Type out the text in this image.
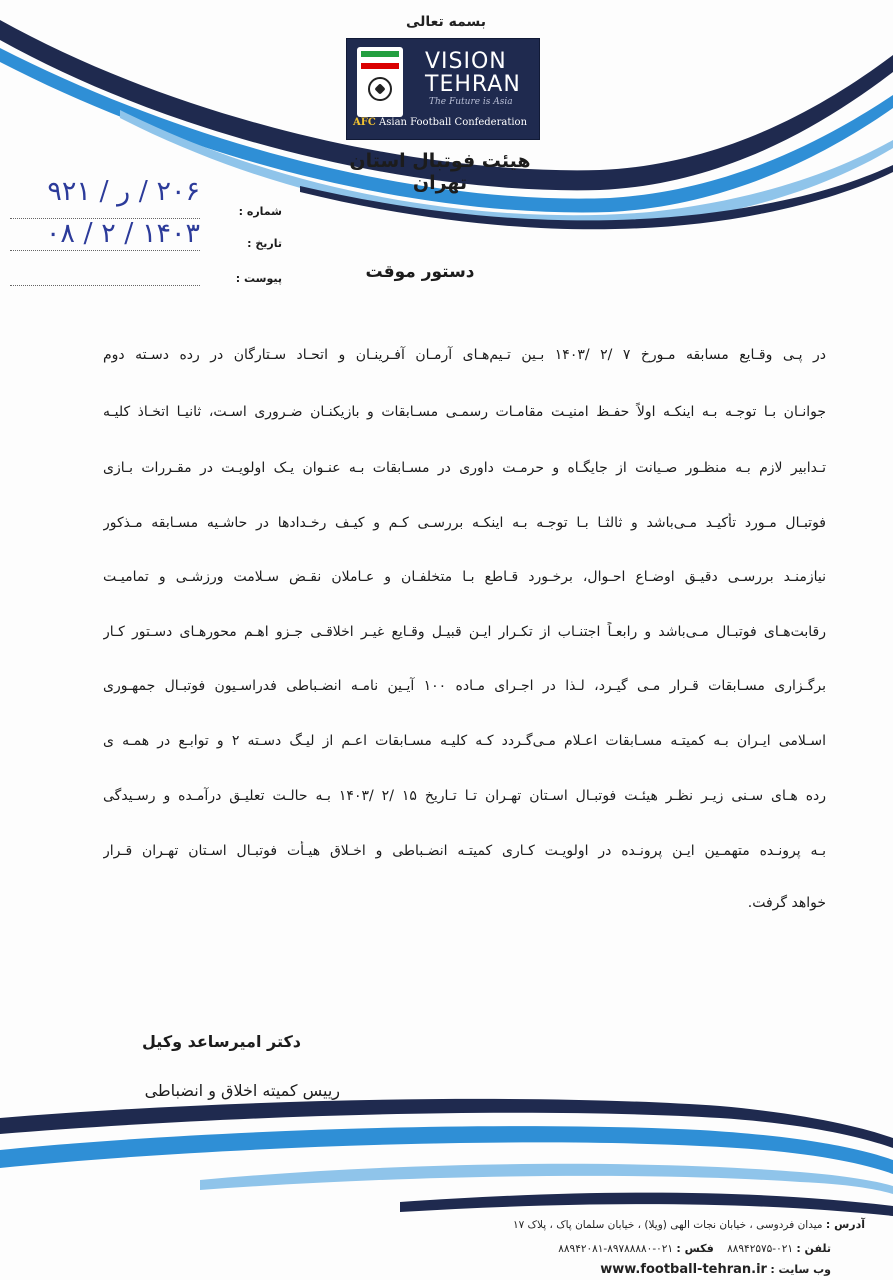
بسمه تعالی
VISION
TEHRAN
The Future is Asia
AFC Asian Football Confederation
هیئت فوتبال استان تهران
شماره :
تاریخ :
پیوست :
۲۰۶ / ر / ۹۲۱
۱۴۰۳ / ۲ / ۰۸
دستور موقت
در پـی وقـایع مسابقه مـورخ ۷ /۲ /۱۴۰۳ بـین تـیم‌هـای آرمـان آفـرینـان و اتحـاد سـتارگان در رده دسـته دوم
جوانـان بـا توجـه بـه اینکـه اولاً حفـظ امنیـت مقامـات رسمـی مسـابقات و بازیکنـان ضـروری اسـت، ثانیـا اتخـاذ کلیـه
تـدابیر لازم بـه منظـور صـیانت از جایگـاه و حرمـت داوری در مسـابقات بـه عنـوان یـک اولویـت در مقـررات بـازی
فوتبـال مـورد تأکیـد مـی‌باشد و ثالثـا بـا توجـه بـه اینکـه بررسـی کـم و کیـف رخـدادها در حاشـیه مسـابقه مـذکور
نیازمنـد بررسـی دقیـق اوضـاع احـوال، برخـورد قـاطع بـا متخلفـان و عـاملان نقـض سـلامت ورزشـی و تمامیـت
رقابت‌هـای فوتبـال مـی‌باشد و رابعـاً اجتنـاب از تکـرار ایـن قبیـل وقـایع غیـر اخلاقـی جـزو اهـم محورهـای دسـتور کـار
برگـزاری مسـابقات قـرار مـی گیـرد، لـذا در اجـرای مـاده ۱۰۰ آیـین نامـه انضـباطی فدراسـیون فوتبـال جمهـوری
اسـلامی ایـران بـه کمیتـه مسـابقات اعـلام مـی‌گـردد کـه کلیـه مسـابقات اعـم از لیـگ دسـته ۲ و توابـع در همـه ی
رده هـای سـنی زیـر نظـر هیئـت فوتبـال اسـتان تهـران تـا تـاریخ ۱۵ /۲ /۱۴۰۳ بـه حالـت تعلیـق درآمـده و رسـیدگی
بـه پرونـده متهمـین ایـن پرونـده در اولویـت کـاری کمیتـه انضـباطی و اخـلاق هیـأت فوتبـال اسـتان تهـران قـرار
خواهد گرفت.
دکتر امیرساعد وکیل
رییس کمیته اخلاق و انضباطی
آدرس : میدان فردوسی ، خیابان نجات الهی (ویلا) ، خیابان سلمان پاک ، پلاک ۱۷
تلفن : ۰۲۱-۸۸۹۴۲۵۷۵    فکس : ۰۲۱-۸۹۷۸۸۸۸۰-۸۸۹۴۲۰۸۱
وب سایت : www.football-tehran.ir
